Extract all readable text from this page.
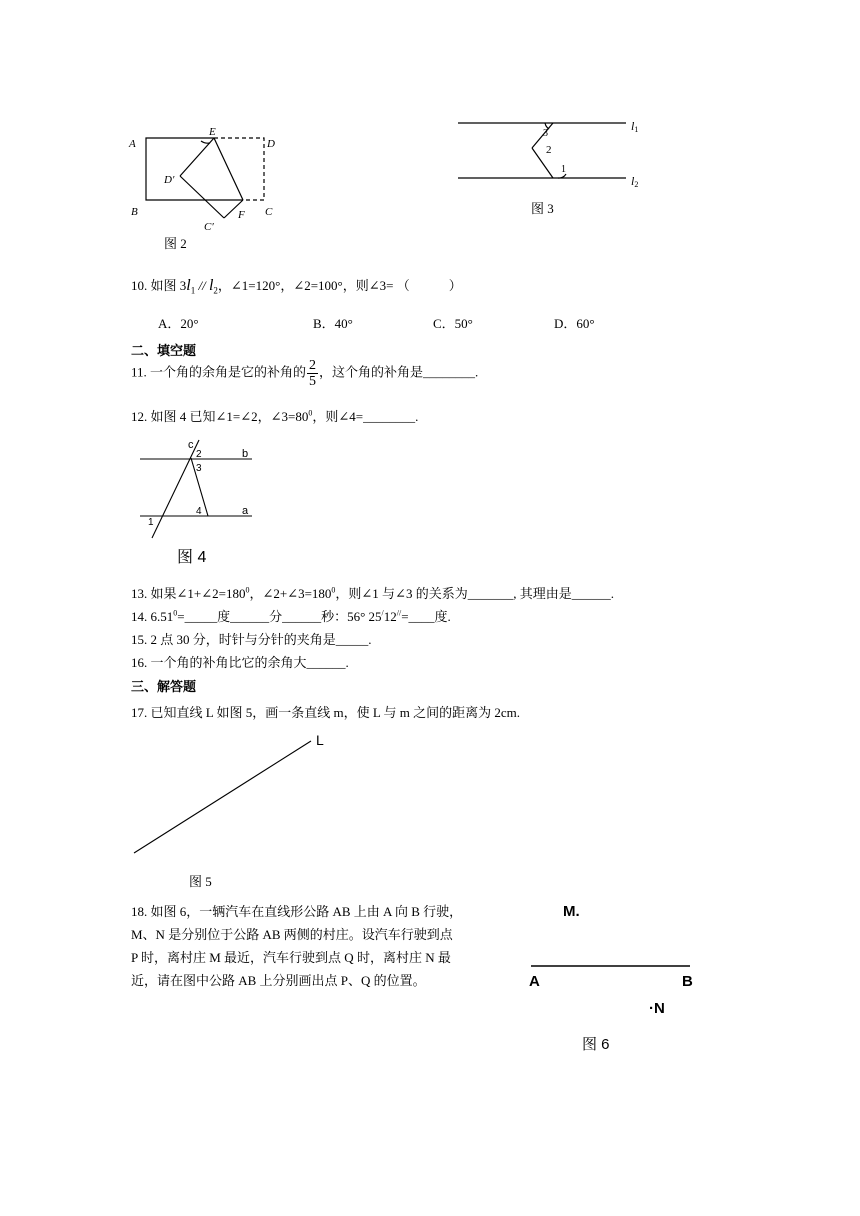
A
E
D
D′
B	F C
C′
图 2
3
2
1
l1
l2
图 3
10. 如图 $3l_1 // l_2$，∠1=120°，∠2=100°，则∠3= （　　　）
A．20°	B．40°	C．50°	D．60°
二、填空题
11. 一个角的余角是它的补角的 $\frac{2}{5}$ ，这个角的补角是________.
12. 如图 4 已知∠1=∠2，$\angle 3=80^0$，则∠4=________.
c
2	b
3
4	a
1
图 4
13. 如果$\angle 1+\angle 2=180^0$，$\angle 2+\angle 3=180^0$，则∠1 与∠3 的关系为_______, 其理由是______.
14. $6.51^0=\_\_\_\_\_$度______分______秒：56° 25/12//=____度.
15. 2 点 30 分，时针与分针的夹角是_____.
16. 一个角的补角比它的余角大______.
三、解答题
17. 已知直线 L 如图 5，画一条直线 m，使 L 与 m 之间的距离为 2cm.
L
图 5
18. 如图 6，一辆汽车在直线形公路 AB 上由 A 向 B 行驶，
M、N 是分别位于公路 AB 两侧的村庄。设汽车行驶到点
P 时，离村庄 M 最近，汽车行驶到点 Q 时，离村庄 N 最
近，请在图中公路 AB 上分别画出点 P、Q 的位置。
M.
A	B
·N
图 6
